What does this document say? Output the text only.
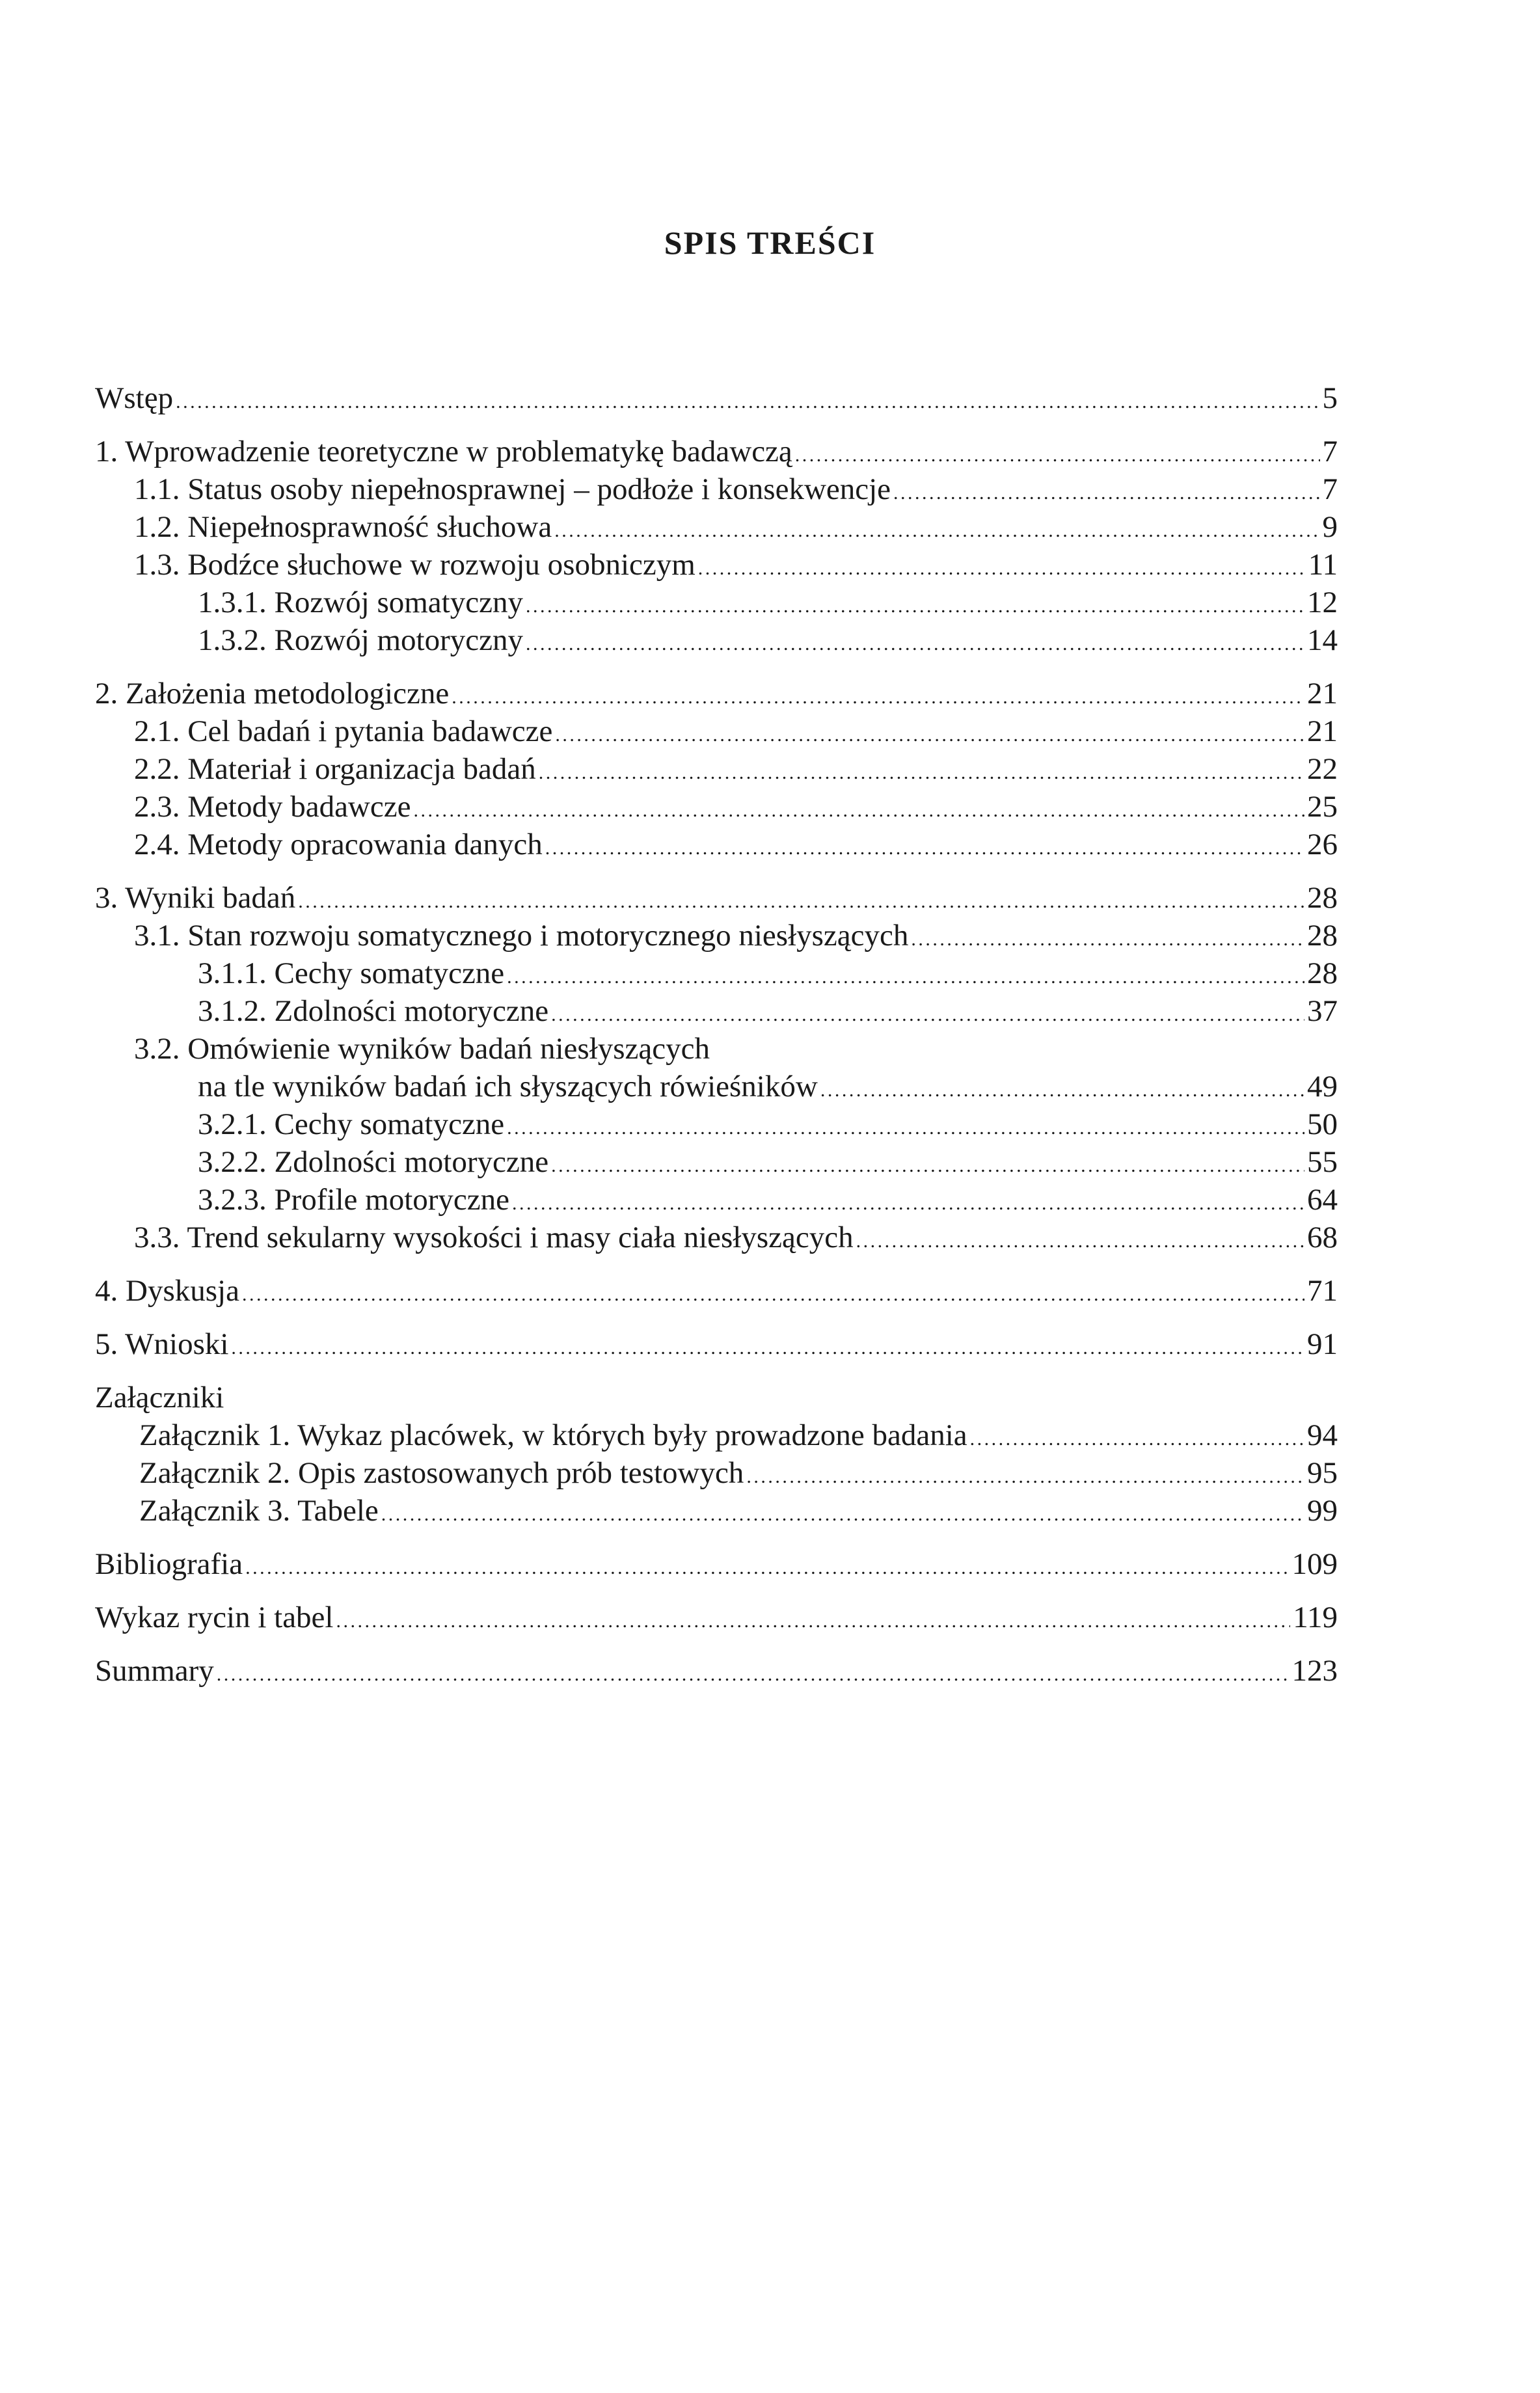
SPIS TREŚCI
Wstęp . . .	5
1. Wprowadzenie teoretyczne w problematykę badawczą . . .	7
1.1. Status osoby niepełnosprawnej – podłoże i konsekwencje . . .	7
1.2. Niepełnosprawność słuchowa . . .	9
1.3. Bodźce słuchowe w rozwoju osobniczym . . .	11
1.3.1. Rozwój somatyczny . . .	12
1.3.2. Rozwój motoryczny . . .	14
2. Założenia metodologiczne . . .	21
2.1. Cel badań i pytania badawcze . . .	21
2.2. Materiał i organizacja badań . . .	22
2.3. Metody badawcze . . .	25
2.4. Metody opracowania danych . . .	26
3. Wyniki badań . . .	28
3.1. Stan rozwoju somatycznego i motorycznego niesłyszących . . .	28
3.1.1. Cechy somatyczne . . .	28
3.1.2. Zdolności motoryczne . . .	37
3.2. Omówienie wyników badań niesłyszących
na tle wyników badań ich słyszących rówieśników . . .	49
3.2.1. Cechy somatyczne . . .	50
3.2.2. Zdolności motoryczne . . .	55
3.2.3. Profile motoryczne . . .	64
3.3. Trend sekularny wysokości i masy ciała niesłyszących . . .	68
4. Dyskusja . . .	71
5. Wnioski . . .	91
Załączniki
Załącznik 1. Wykaz placówek, w których były prowadzone badania . . .	94
Załącznik 2. Opis zastosowanych prób testowych . . .	95
Załącznik 3. Tabele . . .	99
Bibliografia . . .	109
Wykaz rycin i tabel . . .	119
Summary . . .	123
